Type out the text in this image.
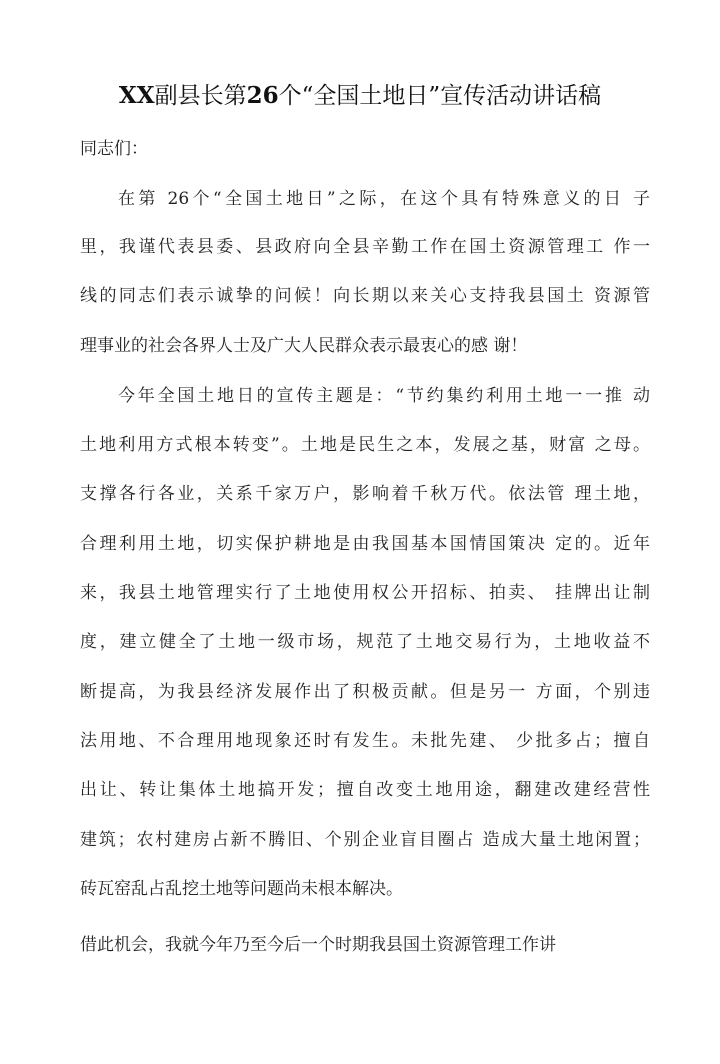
XX副县长第26个“全国土地日”宣传活动讲话稿
同志们：
在第 26个“全国土地日”之际，在这个具有特殊意义的日 子
里，我谨代表县委、县政府向全县辛勤工作在国土资源管理工 作一
线的同志们表示诚挚的问候！向长期以来关心支持我县国土 资源管
理事业的社会各界人士及广大人民群众表示最衷心的感 谢！
今年全国土地日的宣传主题是：“节约集约利用土地一一推 动
土地利用方式根本转变”。土地是民生之本，发展之基，财富 之母。
支撑各行各业，关系千家万户，影响着千秋万代。依法管 理土地，
合理利用土地，切实保护耕地是由我国基本国情国策决 定的。近年
来，我县土地管理实行了土地使用权公开招标、拍卖、 挂牌出让制
度，建立健全了土地一级市场，规范了土地交易行为，土地收益不
断提高，为我县经济发展作出了积极贡献。但是另一 方面，个别违
法用地、不合理用地现象还时有发生。未批先建、 少批多占；擅自
出让、转让集体土地搞开发；擅自改变土地用途，翻建改建经营性
建筑；农村建房占新不腾旧、个别企业盲目圈占 造成大量土地闲置；
砖瓦窑乱占乱挖土地等问题尚未根本解决。
借此机会，我就今年乃至今后一个时期我县国土资源管理工作讲
